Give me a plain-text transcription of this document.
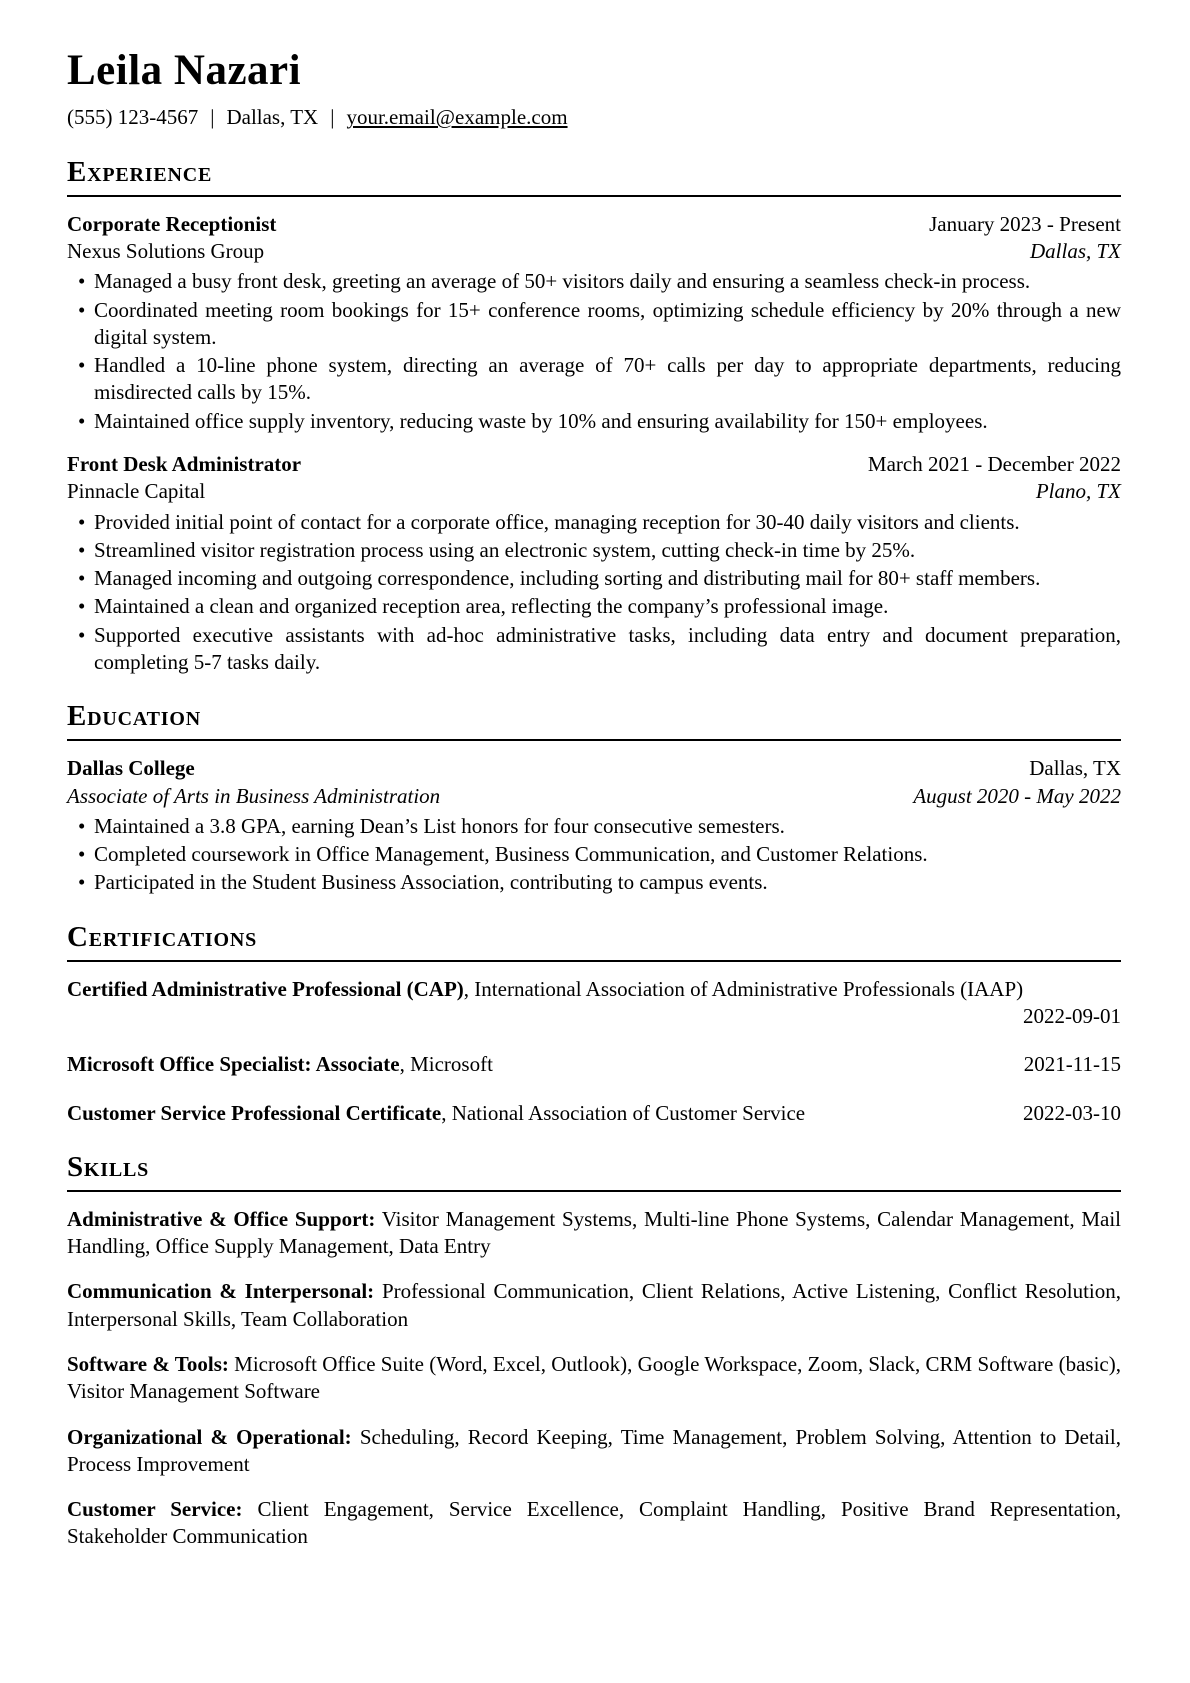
Leila Nazari
(555) 123-4567 | Dallas, TX | your.email@example.com
Experience
Corporate Receptionist	January 2023 - Present
Nexus Solutions Group	Dallas, TX
• Managed a busy front desk, greeting an average of 50+ visitors daily and ensuring a seamless check-in process.
• Coordinated meeting room bookings for 15+ conference rooms, optimizing schedule efficiency by 20% through a new digital system.
• Handled a 10-line phone system, directing an average of 70+ calls per day to appropriate departments, reducing misdirected calls by 15%.
• Maintained office supply inventory, reducing waste by 10% and ensuring availability for 150+ employees.
Front Desk Administrator	March 2021 - December 2022
Pinnacle Capital	Plano, TX
• Provided initial point of contact for a corporate office, managing reception for 30-40 daily visitors and clients.
• Streamlined visitor registration process using an electronic system, cutting check-in time by 25%.
• Managed incoming and outgoing correspondence, including sorting and distributing mail for 80+ staff members.
• Maintained a clean and organized reception area, reflecting the company’s professional image.
• Supported executive assistants with ad-hoc administrative tasks, including data entry and document preparation, completing 5-7 tasks daily.
Education
Dallas College	Dallas, TX
Associate of Arts in Business Administration	August 2020 - May 2022
• Maintained a 3.8 GPA, earning Dean’s List honors for four consecutive semesters.
• Completed coursework in Office Management, Business Communication, and Customer Relations.
• Participated in the Student Business Association, contributing to campus events.
Certifications

Certified Administrative Professional (CAP), International Association of Administrative Professionals (IAAP)
2022-09-01

Microsoft Office Specialist: Associate, Microsoft	2021-11-15

Customer Service Professional Certificate, National Association of Customer Service	2022-03-10

Skills

Administrative & Office Support: Visitor Management Systems, Multi-line Phone Systems, Calendar Management, Mail Handling, Office Supply Management, Data Entry

Communication & Interpersonal: Professional Communication, Client Relations, Active Listening, Conflict Resolution, Interpersonal Skills, Team Collaboration

Software & Tools: Microsoft Office Suite (Word, Excel, Outlook), Google Workspace, Zoom, Slack, CRM Software (basic), Visitor Management Software

Organizational & Operational: Scheduling, Record Keeping, Time Management, Problem Solving, Attention to Detail, Process Improvement

Customer Service: Client Engagement, Service Excellence, Complaint Handling, Positive Brand Representation, Stakeholder Communication
